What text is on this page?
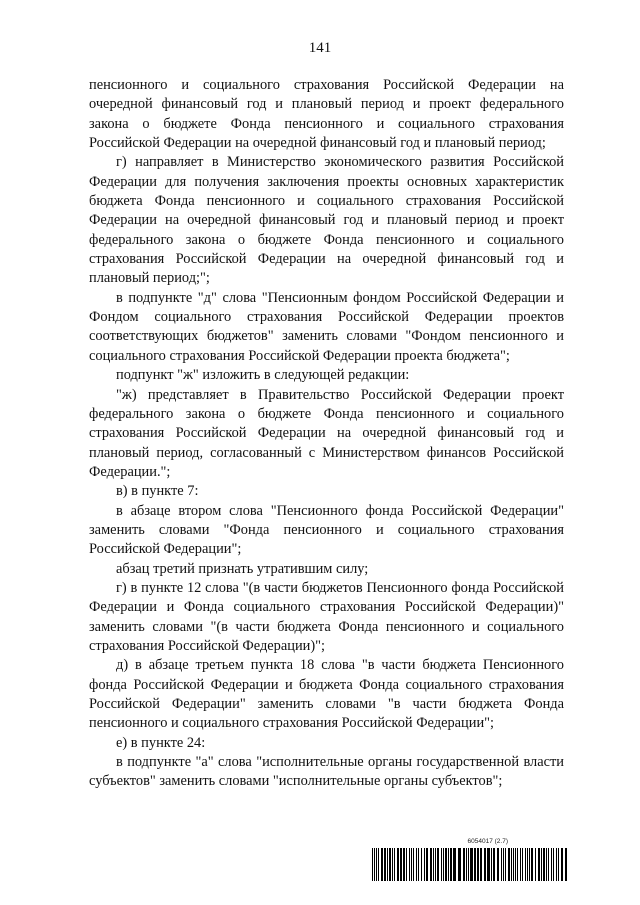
141

пенсионного и социального страхования Российской Федерации на очередной финансовый год и плановый период и проект федерального закона о бюджете Фонда пенсионного и социального страхования Российской Федерации на очередной финансовый год и плановый период;

г) направляет в Министерство экономического развития Российской Федерации для получения заключения проекты основных характеристик бюджета Фонда пенсионного и социального страхования Российской Федерации на очередной финансовый год и плановый период и проект федерального закона о бюджете Фонда пенсионного и социального страхования Российской Федерации на очередной финансовый год и плановый период;";

в подпункте "д" слова "Пенсионным фондом Российской Федерации и Фондом социального страхования Российской Федерации проектов соответствующих бюджетов" заменить словами "Фондом пенсионного и социального страхования Российской Федерации проекта бюджета";

подпункт "ж" изложить в следующей редакции:

"ж) представляет в Правительство Российской Федерации проект федерального закона о бюджете Фонда пенсионного и социального страхования Российской Федерации на очередной финансовый год и плановый период, согласованный с Министерством финансов Российской Федерации.";

в) в пункте 7:

в абзаце втором слова "Пенсионного фонда Российской Федерации" заменить словами "Фонда пенсионного и социального страхования Российской Федерации";

абзац третий признать утратившим силу;

г) в пункте 12 слова "(в части бюджетов Пенсионного фонда Российской Федерации и Фонда социального страхования Российской Федерации)" заменить словами "(в части бюджета Фонда пенсионного и социального страхования Российской Федерации)";

д) в абзаце третьем пункта 18 слова "в части бюджета Пенсионного фонда Российской Федерации и бюджета Фонда социального страхования Российской Федерации" заменить словами "в части бюджета Фонда пенсионного и социального страхования Российской Федерации";

е) в пункте 24:

в подпункте "а" слова "исполнительные органы государственной власти субъектов" заменить словами "исполнительные органы субъектов";

6054017 (2.7)
